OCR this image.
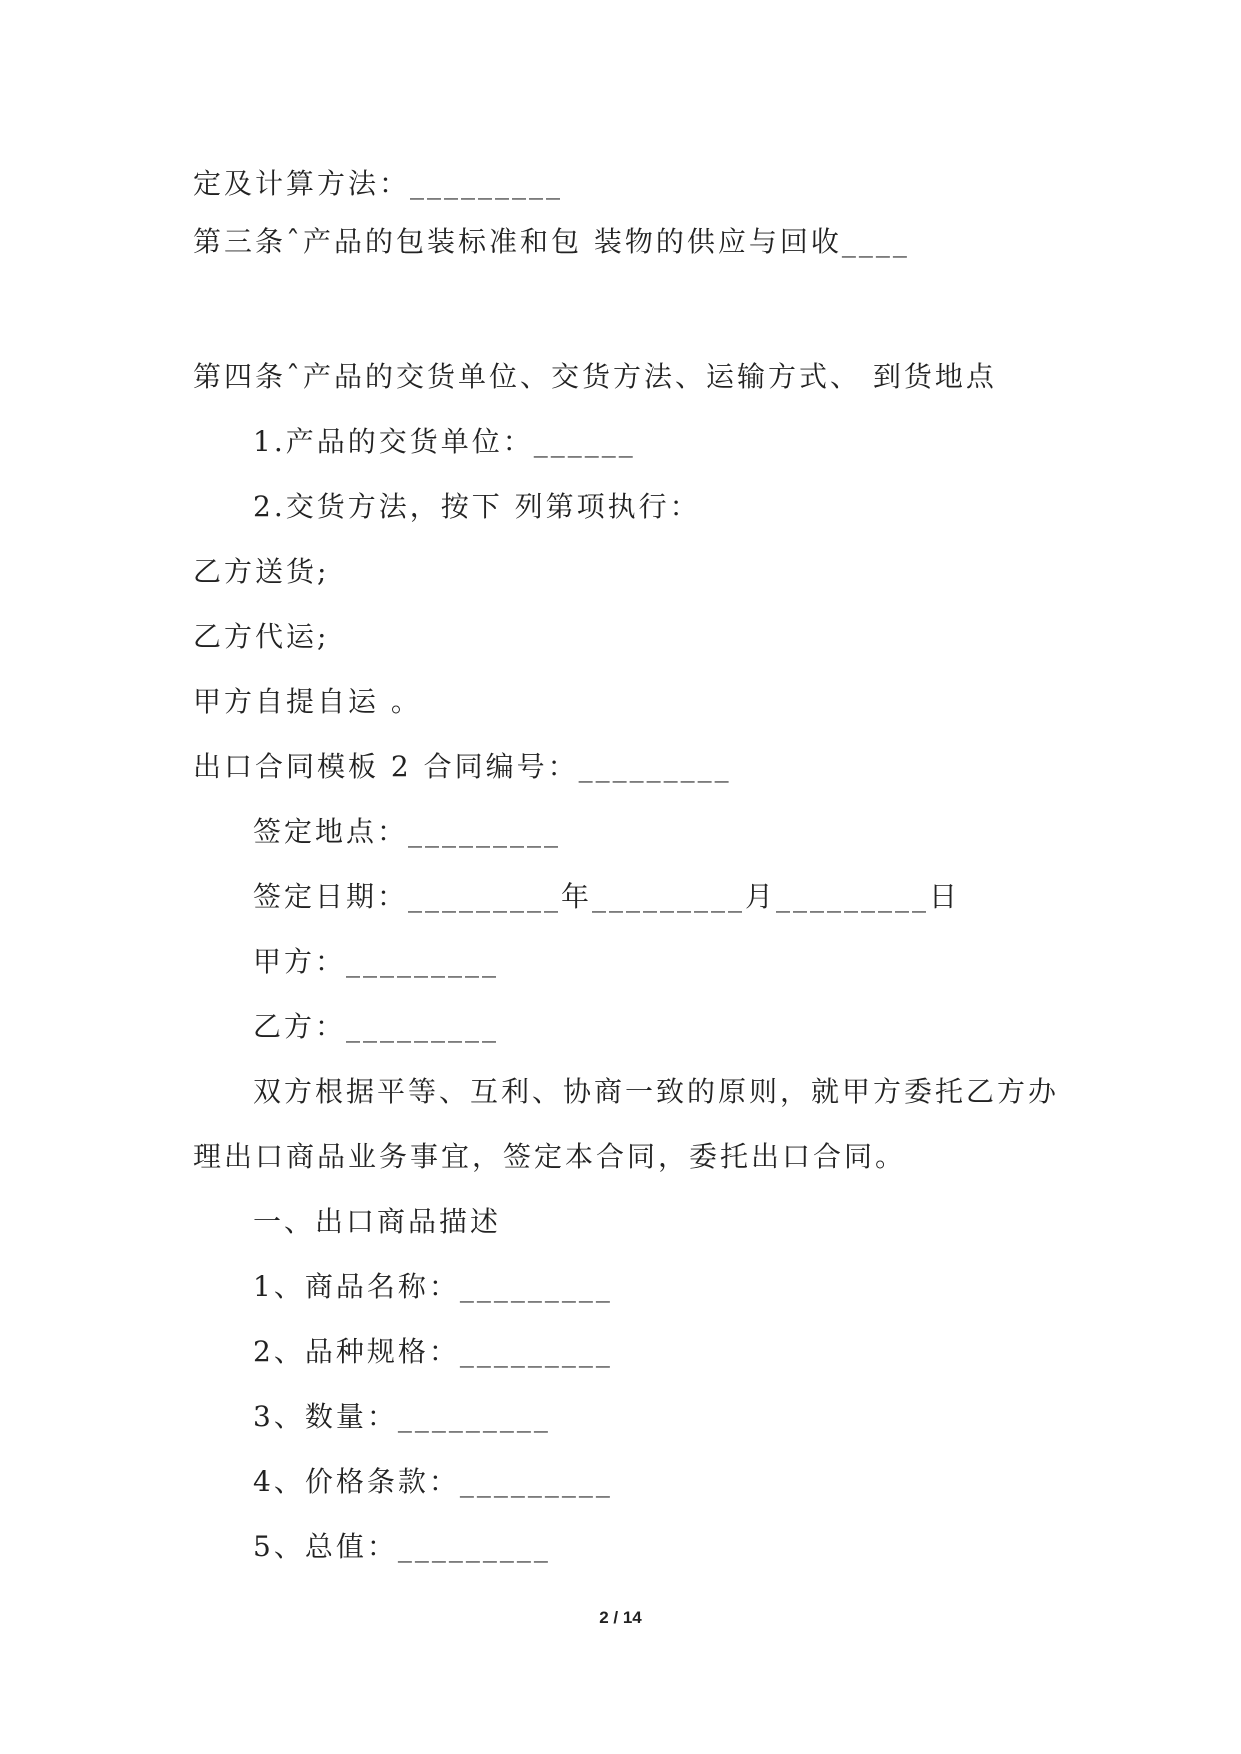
定及计算方法：_________
第三条ˆ产品的包装标准和包 装物的供应与回收____
第四条ˆ产品的交货单位、交货方法、运输方式、 到货地点
1.产品的交货单位：______
2.交货方法，按下 列第项执行：
乙方送货;
乙方代运;
甲方自提自运 。
出口合同模板 2 合同编号：_________
签定地点：_________
签定日期：_________年_________月_________日
甲方：_________
乙方：_________
双方根据平等、互利、协商一致的原则，就甲方委托乙方办
理出口商品业务事宜，签定本合同，委托出口合同。
一、出口商品描述
1、商品名称：_________
2、品种规格：_________
3、数量：_________
4、价格条款：_________
5、总值：_________
2 / 14
